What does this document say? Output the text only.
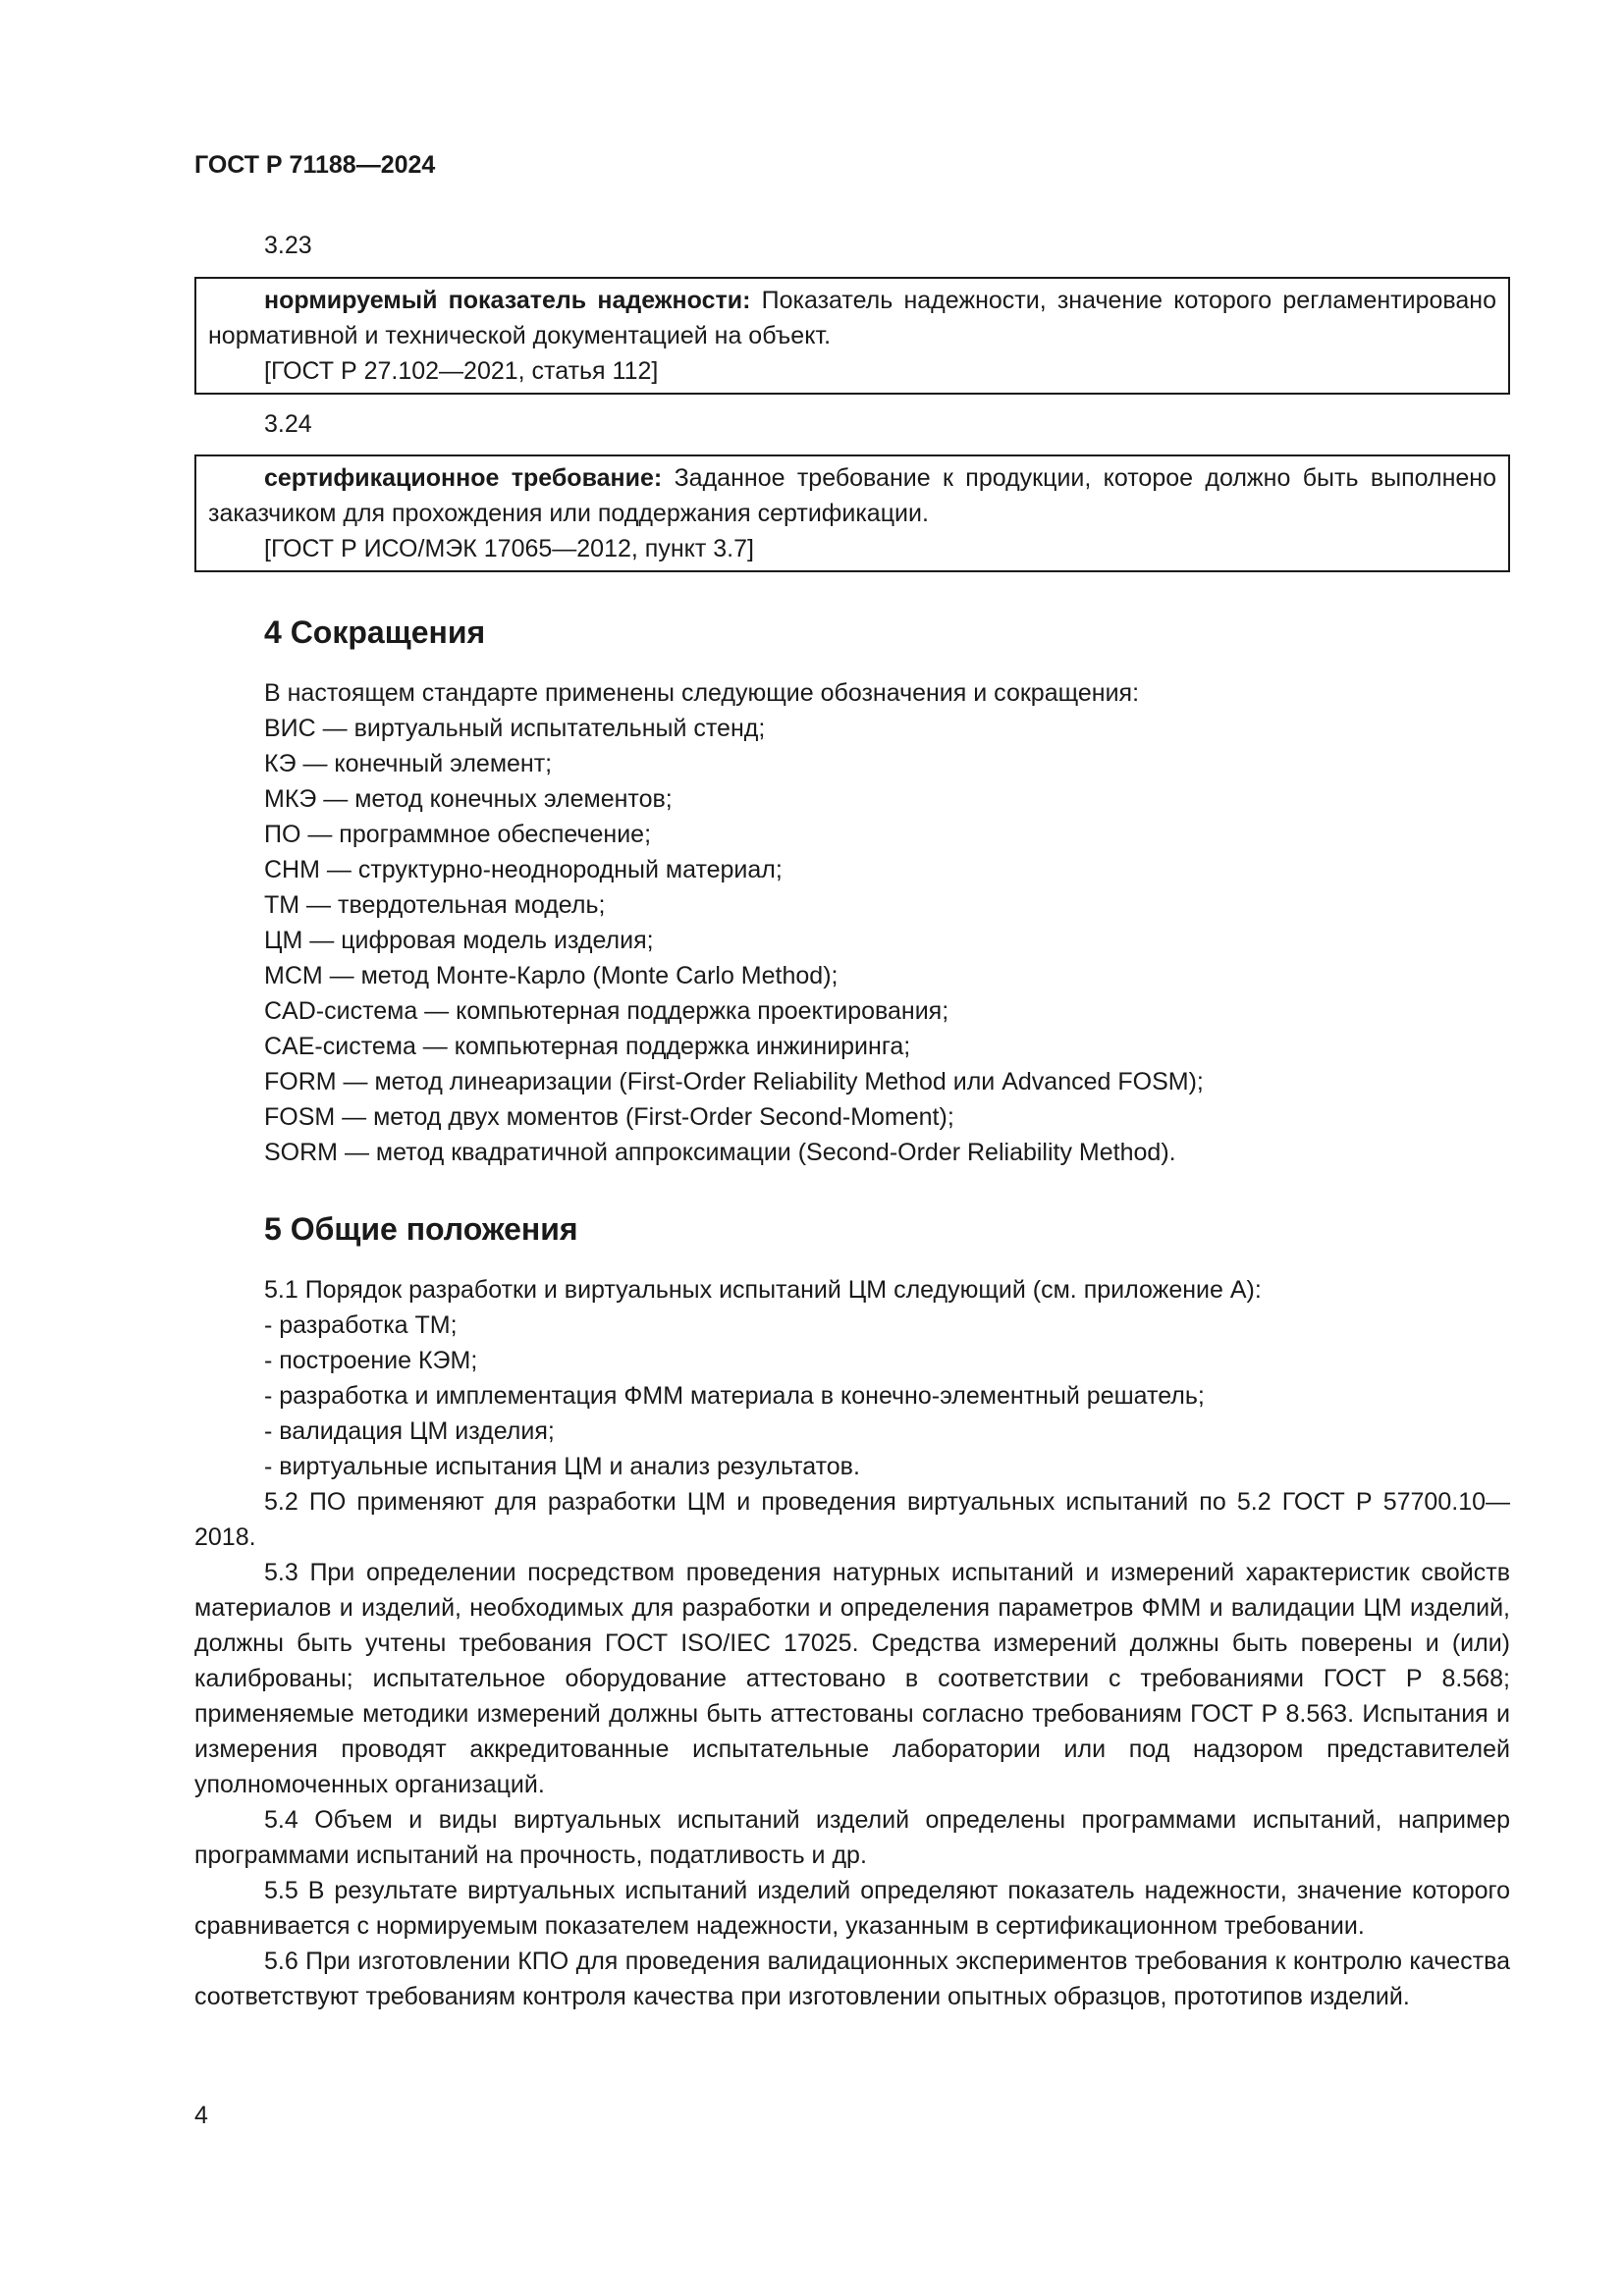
ГОСТ Р 71188—2024
3.23

нормируемый показатель надежности: Показатель надежности, значение которого регламентировано нормативной и технической документацией на объект.

[ГОСТ Р 27.102—2021, статья 112]

3.24

сертификационное требование: Заданное требование к продукции, которое должно быть выполнено заказчиком для прохождения или поддержания сертификации.

[ГОСТ Р ИСО/МЭК 17065—2012, пункт 3.7]

4 Сокращения
В настоящем стандарте применены следующие обозначения и сокращения:
ВИС — виртуальный испытательный стенд;
КЭ — конечный элемент;
МКЭ — метод конечных элементов;
ПО — программное обеспечение;
СНМ — структурно-неоднородный материал;
ТМ — твердотельная модель;
ЦМ — цифровая модель изделия;
MCM — метод Монте-Карло (Monte Carlo Method);
CAD-система — компьютерная поддержка проектирования;
CAE-система — компьютерная поддержка инжиниринга;
FORM — метод линеаризации (First-Order Reliability Method или Advanced FOSM);
FOSM — метод двух моментов (First-Order Second-Moment);
SORM — метод квадратичной аппроксимации (Second-Order Reliability Method).
5 Общие положения
5.1 Порядок разработки и виртуальных испытаний ЦМ следующий (см. приложение А):
- разработка ТМ;
- построение КЭМ;
- разработка и имплементация ФММ материала в конечно-элементный решатель;
- валидация ЦМ изделия;
- виртуальные испытания ЦМ и анализ результатов.

5.2 ПО применяют для разработки ЦМ и проведения виртуальных испытаний по 5.2 ГОСТ Р 57700.10—2018.

5.3 При определении посредством проведения натурных испытаний и измерений характеристик свойств материалов и изделий, необходимых для разработки и определения параметров ФММ и валидации ЦМ изделий, должны быть учтены требования ГОСТ ISO/IEC 17025. Средства измерений должны быть поверены и (или) калиброваны; испытательное оборудование аттестовано в соответствии с требованиями ГОСТ Р 8.568; применяемые методики измерений должны быть аттестованы согласно требованиям ГОСТ Р 8.563. Испытания и измерения проводят аккредитованные испытательные лаборатории или под надзором представителей уполномоченных организаций.

5.4 Объем и виды виртуальных испытаний изделий определены программами испытаний, например программами испытаний на прочность, податливость и др.

5.5 В результате виртуальных испытаний изделий определяют показатель надежности, значение которого сравнивается с нормируемым показателем надежности, указанным в сертификационном требовании.

5.6 При изготовлении КПО для проведения валидационных экспериментов требования к контролю качества соответствуют требованиям контроля качества при изготовлении опытных образцов, прототипов изделий.

4
